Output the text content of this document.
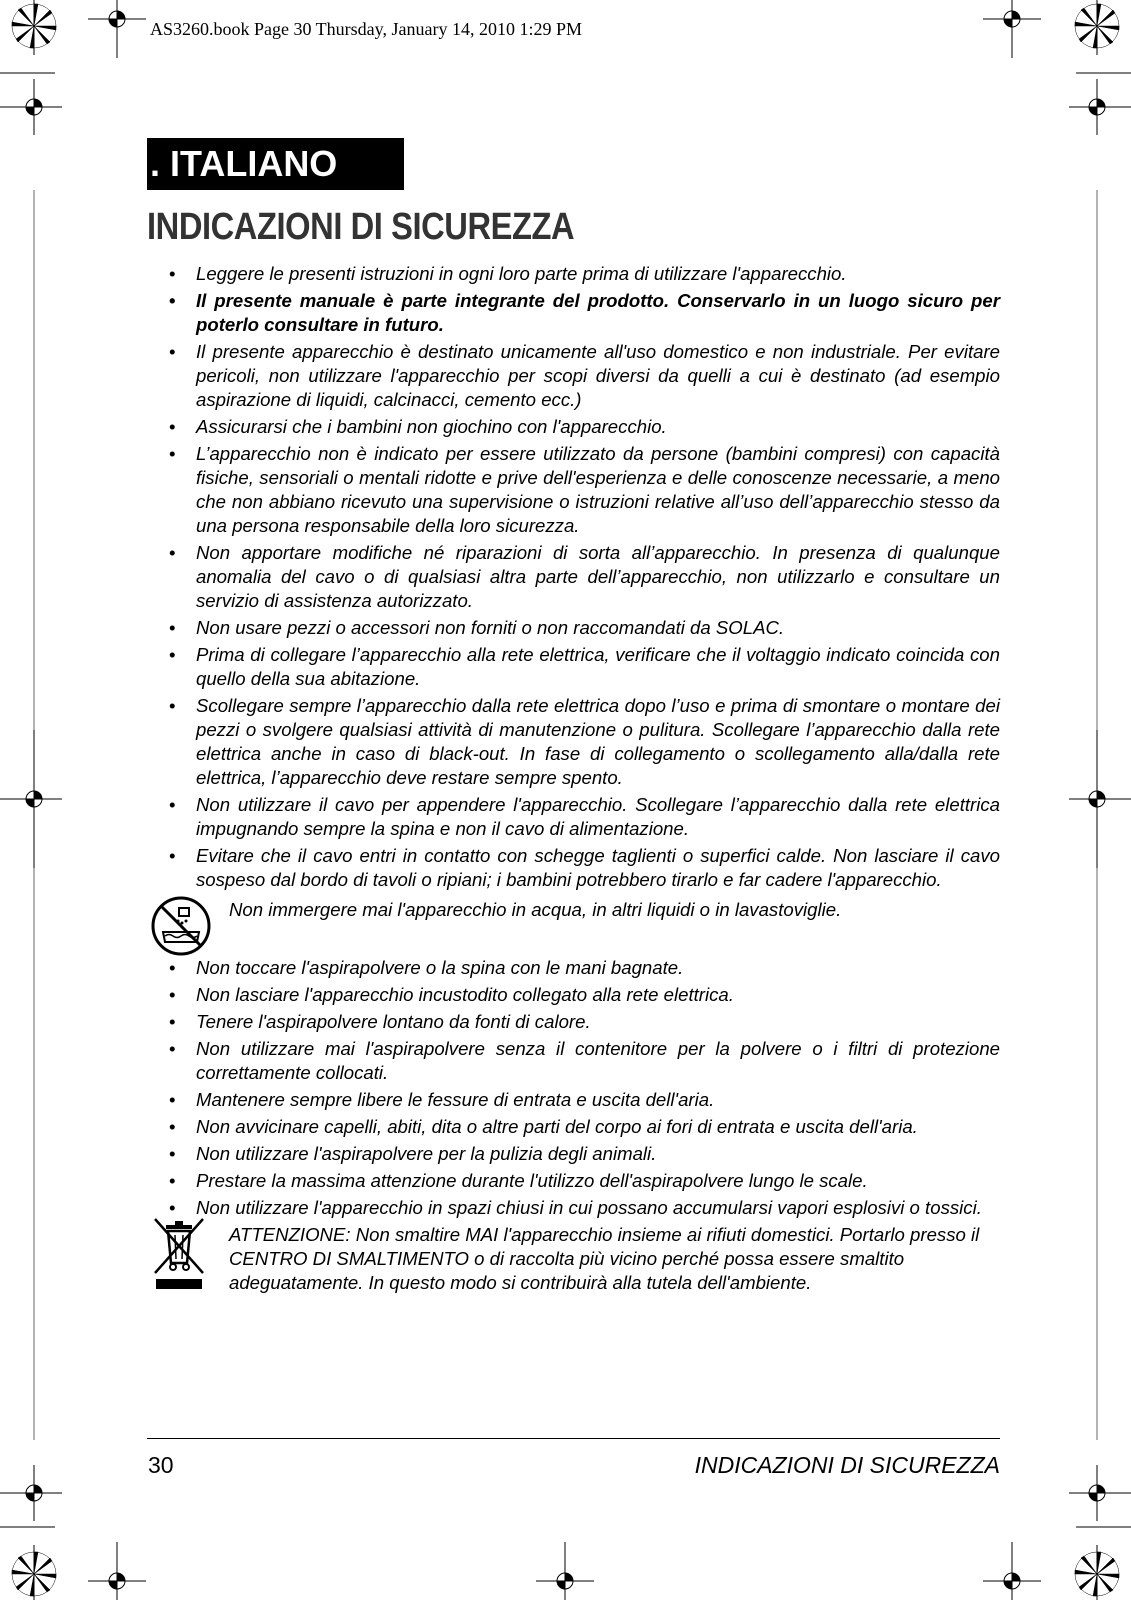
AS3260.book Page 30 Thursday, January 14, 2010 1:29 PM
. ITALIANO
INDICAZIONI DI SICUREZZA
• Leggere le presenti istruzioni in ogni loro parte prima di utilizzare l'apparecchio.
• Il presente manuale è parte integrante del prodotto. Conservarlo in un luogo sicuro per poterlo consultare in futuro.
• Il presente apparecchio è destinato unicamente all'uso domestico e non industriale. Per evitare pericoli, non utilizzare l'apparecchio per scopi diversi da quelli a cui è destinato (ad esempio aspirazione di liquidi, calcinacci, cemento ecc.)
• Assicurarsi che i bambini non giochino con l'apparecchio.
• L’apparecchio non è indicato per essere utilizzato da persone (bambini compresi) con capacità fisiche, sensoriali o mentali ridotte e prive dell'esperienza e delle conoscenze necessarie, a meno che non abbiano ricevuto una supervisione o istruzioni relative all’uso dell’apparecchio stesso da una persona responsabile della loro sicurezza.
• Non apportare modifiche né riparazioni di sorta all’apparecchio. In presenza di qualunque anomalia del cavo o di qualsiasi altra parte dell’apparecchio, non utilizzarlo e consultare un servizio di assistenza autorizzato.
• Non usare pezzi o accessori non forniti o non raccomandati da SOLAC.
• Prima di collegare l’apparecchio alla rete elettrica, verificare che il voltaggio indicato coincida con quello della sua abitazione.
• Scollegare sempre l’apparecchio dalla rete elettrica dopo l’uso e prima di smontare o montare dei pezzi o svolgere qualsiasi attività di manutenzione o pulitura. Scollegare l’apparecchio dalla rete elettrica anche in caso di black-out. In fase di collegamento o scollegamento alla/dalla rete elettrica, l’apparecchio deve restare sempre spento.
• Non utilizzare il cavo per appendere l'apparecchio. Scollegare l’apparecchio dalla rete elettrica impugnando sempre la spina e non il cavo di alimentazione.
• Evitare che il cavo entri in contatto con schegge taglienti o superfici calde. Non lasciare il cavo sospeso dal bordo di tavoli o ripiani; i bambini potrebbero tirarlo e far cadere l'apparecchio.
Non immergere mai l'apparecchio in acqua, in altri liquidi o in lavastoviglie.
• Non toccare l'aspirapolvere o la spina con le mani bagnate.
• Non lasciare l'apparecchio incustodito collegato alla rete elettrica.
• Tenere l'aspirapolvere lontano da fonti di calore.
• Non utilizzare mai l'aspirapolvere senza il contenitore per la polvere o i filtri di protezione correttamente collocati.
• Mantenere sempre libere le fessure di entrata e uscita dell'aria.
• Non avvicinare capelli, abiti, dita o altre parti del corpo ai fori di entrata e uscita dell'aria.
• Non utilizzare l'aspirapolvere per la pulizia degli animali.
• Prestare la massima attenzione durante l'utilizzo dell'aspirapolvere lungo le scale.
• Non utilizzare l'apparecchio in spazi chiusi in cui possano accumularsi vapori esplosivi o tossici.
ATTENZIONE: Non smaltire MAI l'apparecchio insieme ai rifiuti domestici. Portarlo presso il CENTRO DI SMALTIMENTO o di raccolta più vicino perché possa essere smaltito adeguatamente. In questo modo si contribuirà alla tutela dell'ambiente.
30	INDICAZIONI DI SICUREZZA
